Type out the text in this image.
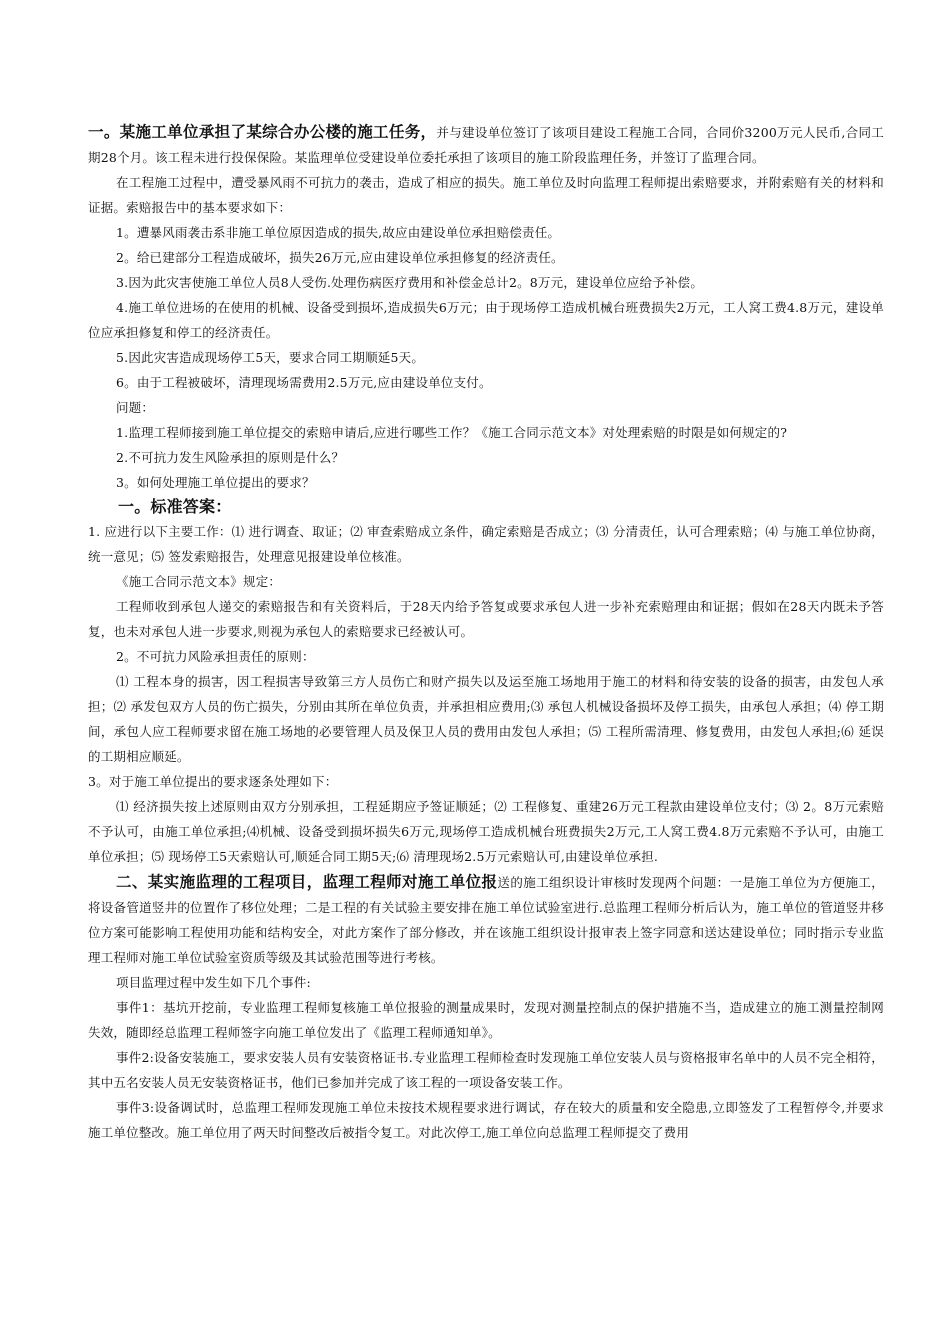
一。某施工单位承担了某综合办公楼的施工任务，并与建设单位签订了该项目建设工程施工合同，合同价3200万元人民币,合同工期28个月。该工程未进行投保保险。某监理单位受建设单位委托承担了该项目的施工阶段监理任务，并签订了监理合同。

在工程施工过程中，遭受暴风雨不可抗力的袭击，造成了相应的损失。施工单位及时向监理工程师提出索赔要求，并附索赔有关的材料和证据。索赔报告中的基本要求如下：

1。遭暴风雨袭击系非施工单位原因造成的损失,故应由建设单位承担赔偿责任。

2。给已建部分工程造成破坏，损失26万元,应由建设单位承担修复的经济责任。

3.因为此灾害使施工单位人员8人受伤.处理伤病医疗费用和补偿金总计2。8万元，建设单位应给予补偿。

4.施工单位进场的在使用的机械、设备受到损坏,造成损失6万元；由于现场停工造成机械台班费损失2万元，工人窝工费4.8万元，建设单位应承担修复和停工的经济责任。

5.因此灾害造成现场停工5天，要求合同工期顺延5天。

6。由于工程被破坏，清理现场需费用2.5万元,应由建设单位支付。

问题：

1.监理工程师接到施工单位提交的索赔申请后,应进行哪些工作？《施工合同示范文本》对处理索赔的时限是如何规定的?

2.不可抗力发生风险承担的原则是什么？

3。如何处理施工单位提出的要求？

一。标准答案：

1. 应进行以下主要工作：⑴ 进行调查、取证；⑵ 审查索赔成立条件，确定索赔是否成立；⑶ 分清责任，认可合理索赔；⑷ 与施工单位协商，统一意见；⑸ 签发索赔报告，处理意见报建设单位核准。

《施工合同示范文本》规定：

工程师收到承包人递交的索赔报告和有关资料后，于28天内给予答复或要求承包人进一步补充索赔理由和证据；假如在28天内既未予答复，也未对承包人进一步要求,则视为承包人的索赔要求已经被认可。

2。不可抗力风险承担责任的原则：

⑴ 工程本身的损害，因工程损害导致第三方人员伤亡和财产损失以及运至施工场地用于施工的材料和待安装的设备的损害，由发包人承担；⑵ 承发包双方人员的伤亡损失，分别由其所在单位负责，并承担相应费用;⑶ 承包人机械设备损坏及停工损失，由承包人承担；⑷ 停工期间，承包人应工程师要求留在施工场地的必要管理人员及保卫人员的费用由发包人承担；⑸ 工程所需清理、修复费用，由发包人承担;⑹ 延误的工期相应顺延。

3。对于施工单位提出的要求逐条处理如下：

⑴ 经济损失按上述原则由双方分别承担，工程延期应予签证顺延；⑵ 工程修复、重建26万元工程款由建设单位支付；⑶ 2。8万元索赔不予认可，由施工单位承担;⑷机械、设备受到损坏损失6万元,现场停工造成机械台班费损失2万元,工人窝工费4.8万元索赔不予认可，由施工单位承担；⑸ 现场停工5天索赔认可,顺延合同工期5天;⑹ 清理现场2.5万元索赔认可,由建设单位承担.

二、某实施监理的工程项目，监理工程师对施工单位报送的施工组织设计审核时发现两个问题：一是施工单位为方便施工，将设备管道竖井的位置作了移位处理；二是工程的有关试验主要安排在施工单位试验室进行.总监理工程师分析后认为，施工单位的管道竖井移位方案可能影响工程使用功能和结构安全，对此方案作了部分修改，并在该施工组织设计报审表上签字同意和送达建设单位；同时指示专业监理工程师对施工单位试验室资质等级及其试验范围等进行考核。

项目监理过程中发生如下几个事件:

事件1：基坑开挖前，专业监理工程师复核施工单位报验的测量成果时，发现对测量控制点的保护措施不当，造成建立的施工测量控制网失效，随即经总监理工程师签字向施工单位发出了《监理工程师通知单》。

事件2:设备安装施工，要求安装人员有安装资格证书.专业监理工程师检查时发现施工单位安装人员与资格报审名单中的人员不完全相符，其中五名安装人员无安装资格证书，他们已参加并完成了该工程的一项设备安装工作。

事件3:设备调试时，总监理工程师发现施工单位未按技术规程要求进行调试，存在较大的质量和安全隐患,立即签发了工程暂停令,并要求施工单位整改。施工单位用了两天时间整改后被指令复工。对此次停工,施工单位向总监理工程师提交了费用
